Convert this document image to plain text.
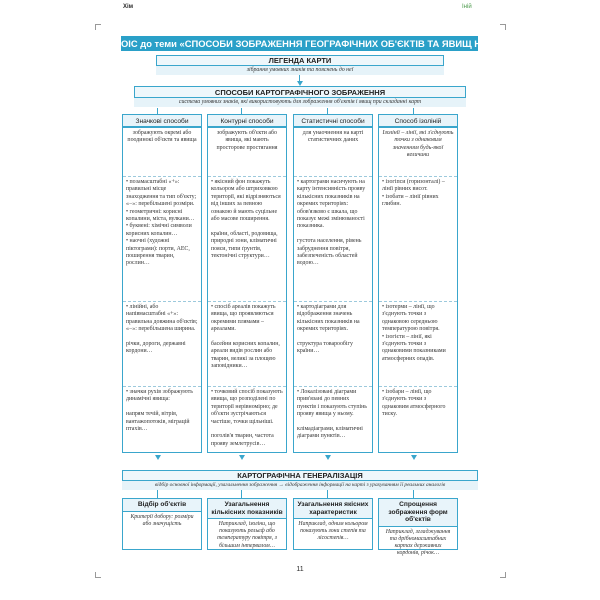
Хім	Іній
ОІС до теми «СПОСОБИ ЗОБРАЖЕННЯ ГЕОГРАФІЧНИХ ОБ'ЄКТІВ ТА ЯВИЩ НА КАРТАХ
ЛЕГЕНДА КАРТИ
зібрання умовних знаків та пояснень до неї
СПОСОБИ КАРТОГРАФІЧНОГО ЗОБРАЖЕННЯ
система умовних знаків, які використовують для зображення об'єктів і явищ при складанні карт
Значкові способи
зображують окремі або поодинокі об'єкти та явища
• позамасштабні «+»: правильні місце знаходження та тип об'єкту; «−»: перебільшені розміри.
• геометричні: корисні копалини, міста, вулкани…
• буквені: хімічні символи корисних копалин…
• наочні (художні піктограми): порти, АЕС, поширення тварин, рослин…
• лінійні, або напівмасштабні «+»: правильна довжина об'єктів; «−»: перебільшена ширина.

річки, дороги, державні кордони…
• значки рухів зображують динамічні явища:

напрям течій, вітрів, вантажопотоків, міграцій птахів…
Контурні способи
зображують об'єкти або явища, які мають просторове простягання
• якісний фон покажуть кольором або штриховкою території, які відрізняються від інших за певною ознакою й мають суцільне або масове поширення.

країни, області, родовища, природні зони, кліматичні пояси, типи ґрунтів, тектонічні структури…
• спосіб ареалів покажуть явища, що проявляються окремими плямами – ареалами.

басейни корисних копалин, ареали видів рослин або тварин, великі за площею заповідники…
• точковий спосіб показують явища, що розподілені по території нерівномірно; де об'єкти зустрічаються частіше, точки щільніші.

поголів'я тварин, частота прояву землетрусів…
Статистичні способи
для унаочнення на карті статистичних даних
• картограми насичують на карту інтенсивність прояву кількісних показників на окремих територіях: обов'язково є шкала, що показує межі змінюваності показника.

густота населення, рівень забруднення повітря, забезпеченість областей водою…
• картодіаграми для відображення значень кількісних показників на окремих територіях.

структура товарообігу країни…
• Локалізовані діаграми прив'язані до певних пунктів і показують ступінь прояву явища у ньому.

клімадіаграми, кліматичні діаграми пунктів…
Способ ізоліній
Ізолінії – лінії, які з'єднують точки з однаковим значенням будь-якої величини
• ізогіпси (горизонталі) – лінії рівних висот.
• ізобати – лінії рівних глибин.
• ізотерми – лінії, що з'єднують точки з однаковою середньою температурою повітря.
• ізогієти – лінії, які з'єднують точки з однаковими показниками атмосферних опадів.
• ізобари – лінії, що з'єднують точки з однаковим атмосферного тиску.
КАРТОГРАФІЧНА ГЕНЕРАЛІЗАЦІЯ
відбір основної інформації, узагальнення зображення → відображення інформації на карті з урахуванням її реальних аналогів
Відбір об'єктів
Критерії добору: розміри або значущість
Узагальнення кількісних показників
Наприклад, ізоліни, що показують рельєф або температуру повітря, з більшим інтервалом…
Узагальнення якісних характеристик
Наприклад, одним кольором показують зони степів та лісостепів…
Спрощення зображення форм об'єктів
Наприклад, згладжування та дрібномасштабних картах державних кордонів, річок…
11
